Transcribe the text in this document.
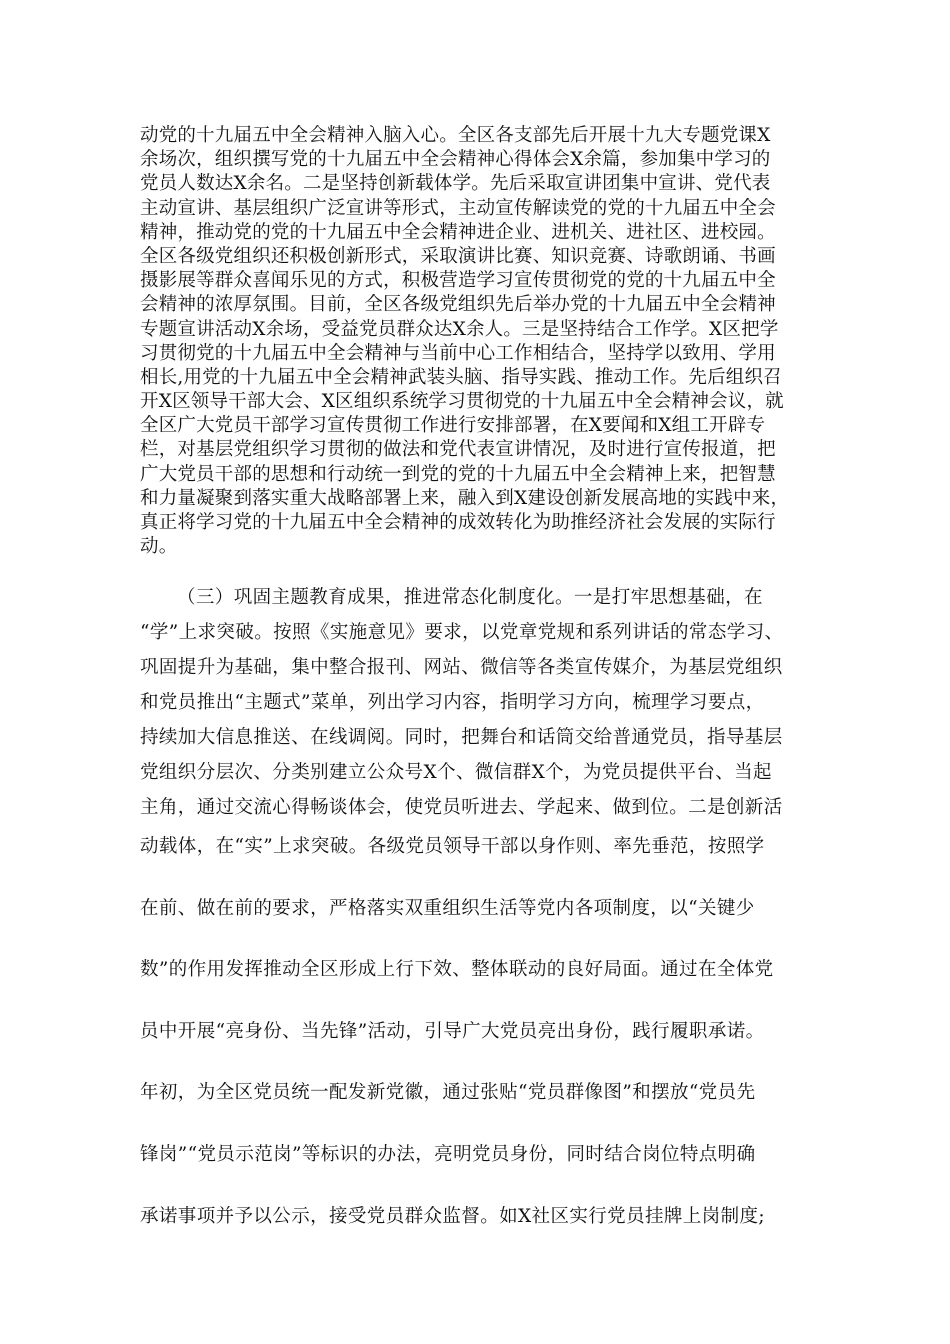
动党的十九届五中全会精神入脑入心。全区各支部先后开展十九大专题党课X
余场次，组织撰写党的十九届五中全会精神心得体会X余篇，参加集中学习的
党员人数达X余名。二是坚持创新载体学。先后采取宣讲团集中宣讲、党代表
主动宣讲、基层组织广泛宣讲等形式，主动宣传解读党的党的十九届五中全会
精神，推动党的党的十九届五中全会精神进企业、进机关、进社区、进校园。
全区各级党组织还积极创新形式，采取演讲比赛、知识竞赛、诗歌朗诵、书画
摄影展等群众喜闻乐见的方式，积极营造学习宣传贯彻党的党的十九届五中全
会精神的浓厚氛围。目前，全区各级党组织先后举办党的十九届五中全会精神
专题宣讲活动X余场，受益党员群众达X余人。三是坚持结合工作学。X区把学
习贯彻党的十九届五中全会精神与当前中心工作相结合，坚持学以致用、学用
相长,用党的十九届五中全会精神武装头脑、指导实践、推动工作。先后组织召
开X区领导干部大会、X区组织系统学习贯彻党的十九届五中全会精神会议，就
全区广大党员干部学习宣传贯彻工作进行安排部署，在X要闻和X组工开辟专
栏，对基层党组织学习贯彻的做法和党代表宣讲情况，及时进行宣传报道，把
广大党员干部的思想和行动统一到党的党的十九届五中全会精神上来，把智慧
和力量凝聚到落实重大战略部署上来，融入到X建设创新发展高地的实践中来，
真正将学习党的十九届五中全会精神的成效转化为助推经济社会发展的实际行
动。
（三）巩固主题教育成果，推进常态化制度化。一是打牢思想基础，在
“学”上求突破。按照《实施意见》要求，以党章党规和系列讲话的常态学习、
巩固提升为基础，集中整合报刊、网站、微信等各类宣传媒介，为基层党组织
和党员推出“主题式”菜单，列出学习内容，指明学习方向，梳理学习要点，
持续加大信息推送、在线调阅。同时，把舞台和话筒交给普通党员，指导基层
党组织分层次、分类别建立公众号X个、微信群X个，为党员提供平台、当起
主角，通过交流心得畅谈体会，使党员听进去、学起来、做到位。二是创新活
动载体，在“实”上求突破。各级党员领导干部以身作则、率先垂范，按照学
在前、做在前的要求，严格落实双重组织生活等党内各项制度，以“关键少
数”的作用发挥推动全区形成上行下效、整体联动的良好局面。通过在全体党
员中开展“亮身份、当先锋”活动，引导广大党员亮出身份，践行履职承诺。
年初，为全区党员统一配发新党徽，通过张贴“党员群像图”和摆放“党员先
锋岗”“党员示范岗”等标识的办法，亮明党员身份，同时结合岗位特点明确
承诺事项并予以公示，接受党员群众监督。如X社区实行党员挂牌上岗制度;
